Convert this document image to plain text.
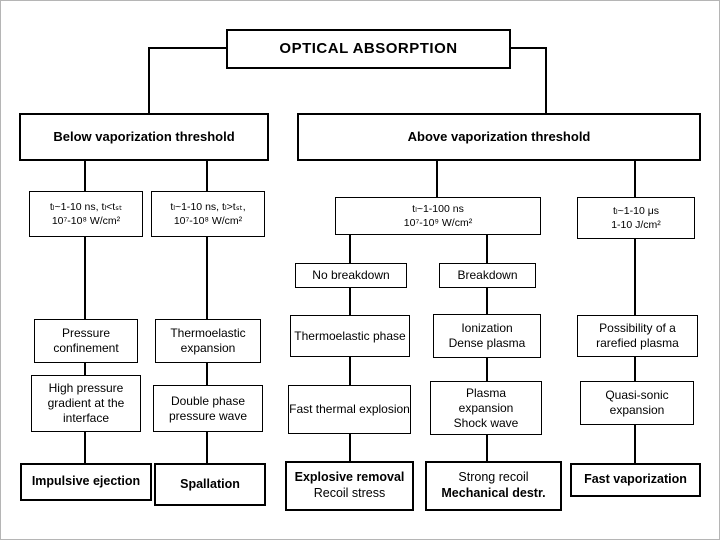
OPTICAL ABSORPTION
Below vaporization threshold	Above vaporization threshold
tₗ~1-10 ns, tₗ<tₛₜ
10⁷-10⁸ W/cm²
tₗ~1-10 ns, tₗ>tₛₜ,
10⁷-10⁸ W/cm²
tₗ~1-100 ns
10⁷-10⁹ W/cm²
tₗ~1-10 μs
1-10 J/cm²
No breakdown	Breakdown
Pressure confinement
High pressure gradient at the interface
Impulsive ejection
Thermoelastic expansion
Double phase pressure wave
Spallation
Thermoelastic phase
Fast thermal explosion
Explosive removal
Recoil stress
Ionization
Dense plasma
Plasma expansion
Shock wave
Strong recoil
Mechanical destr.
Possibility of a rarefied plasma
Quasi-sonic expansion
Fast vaporization
